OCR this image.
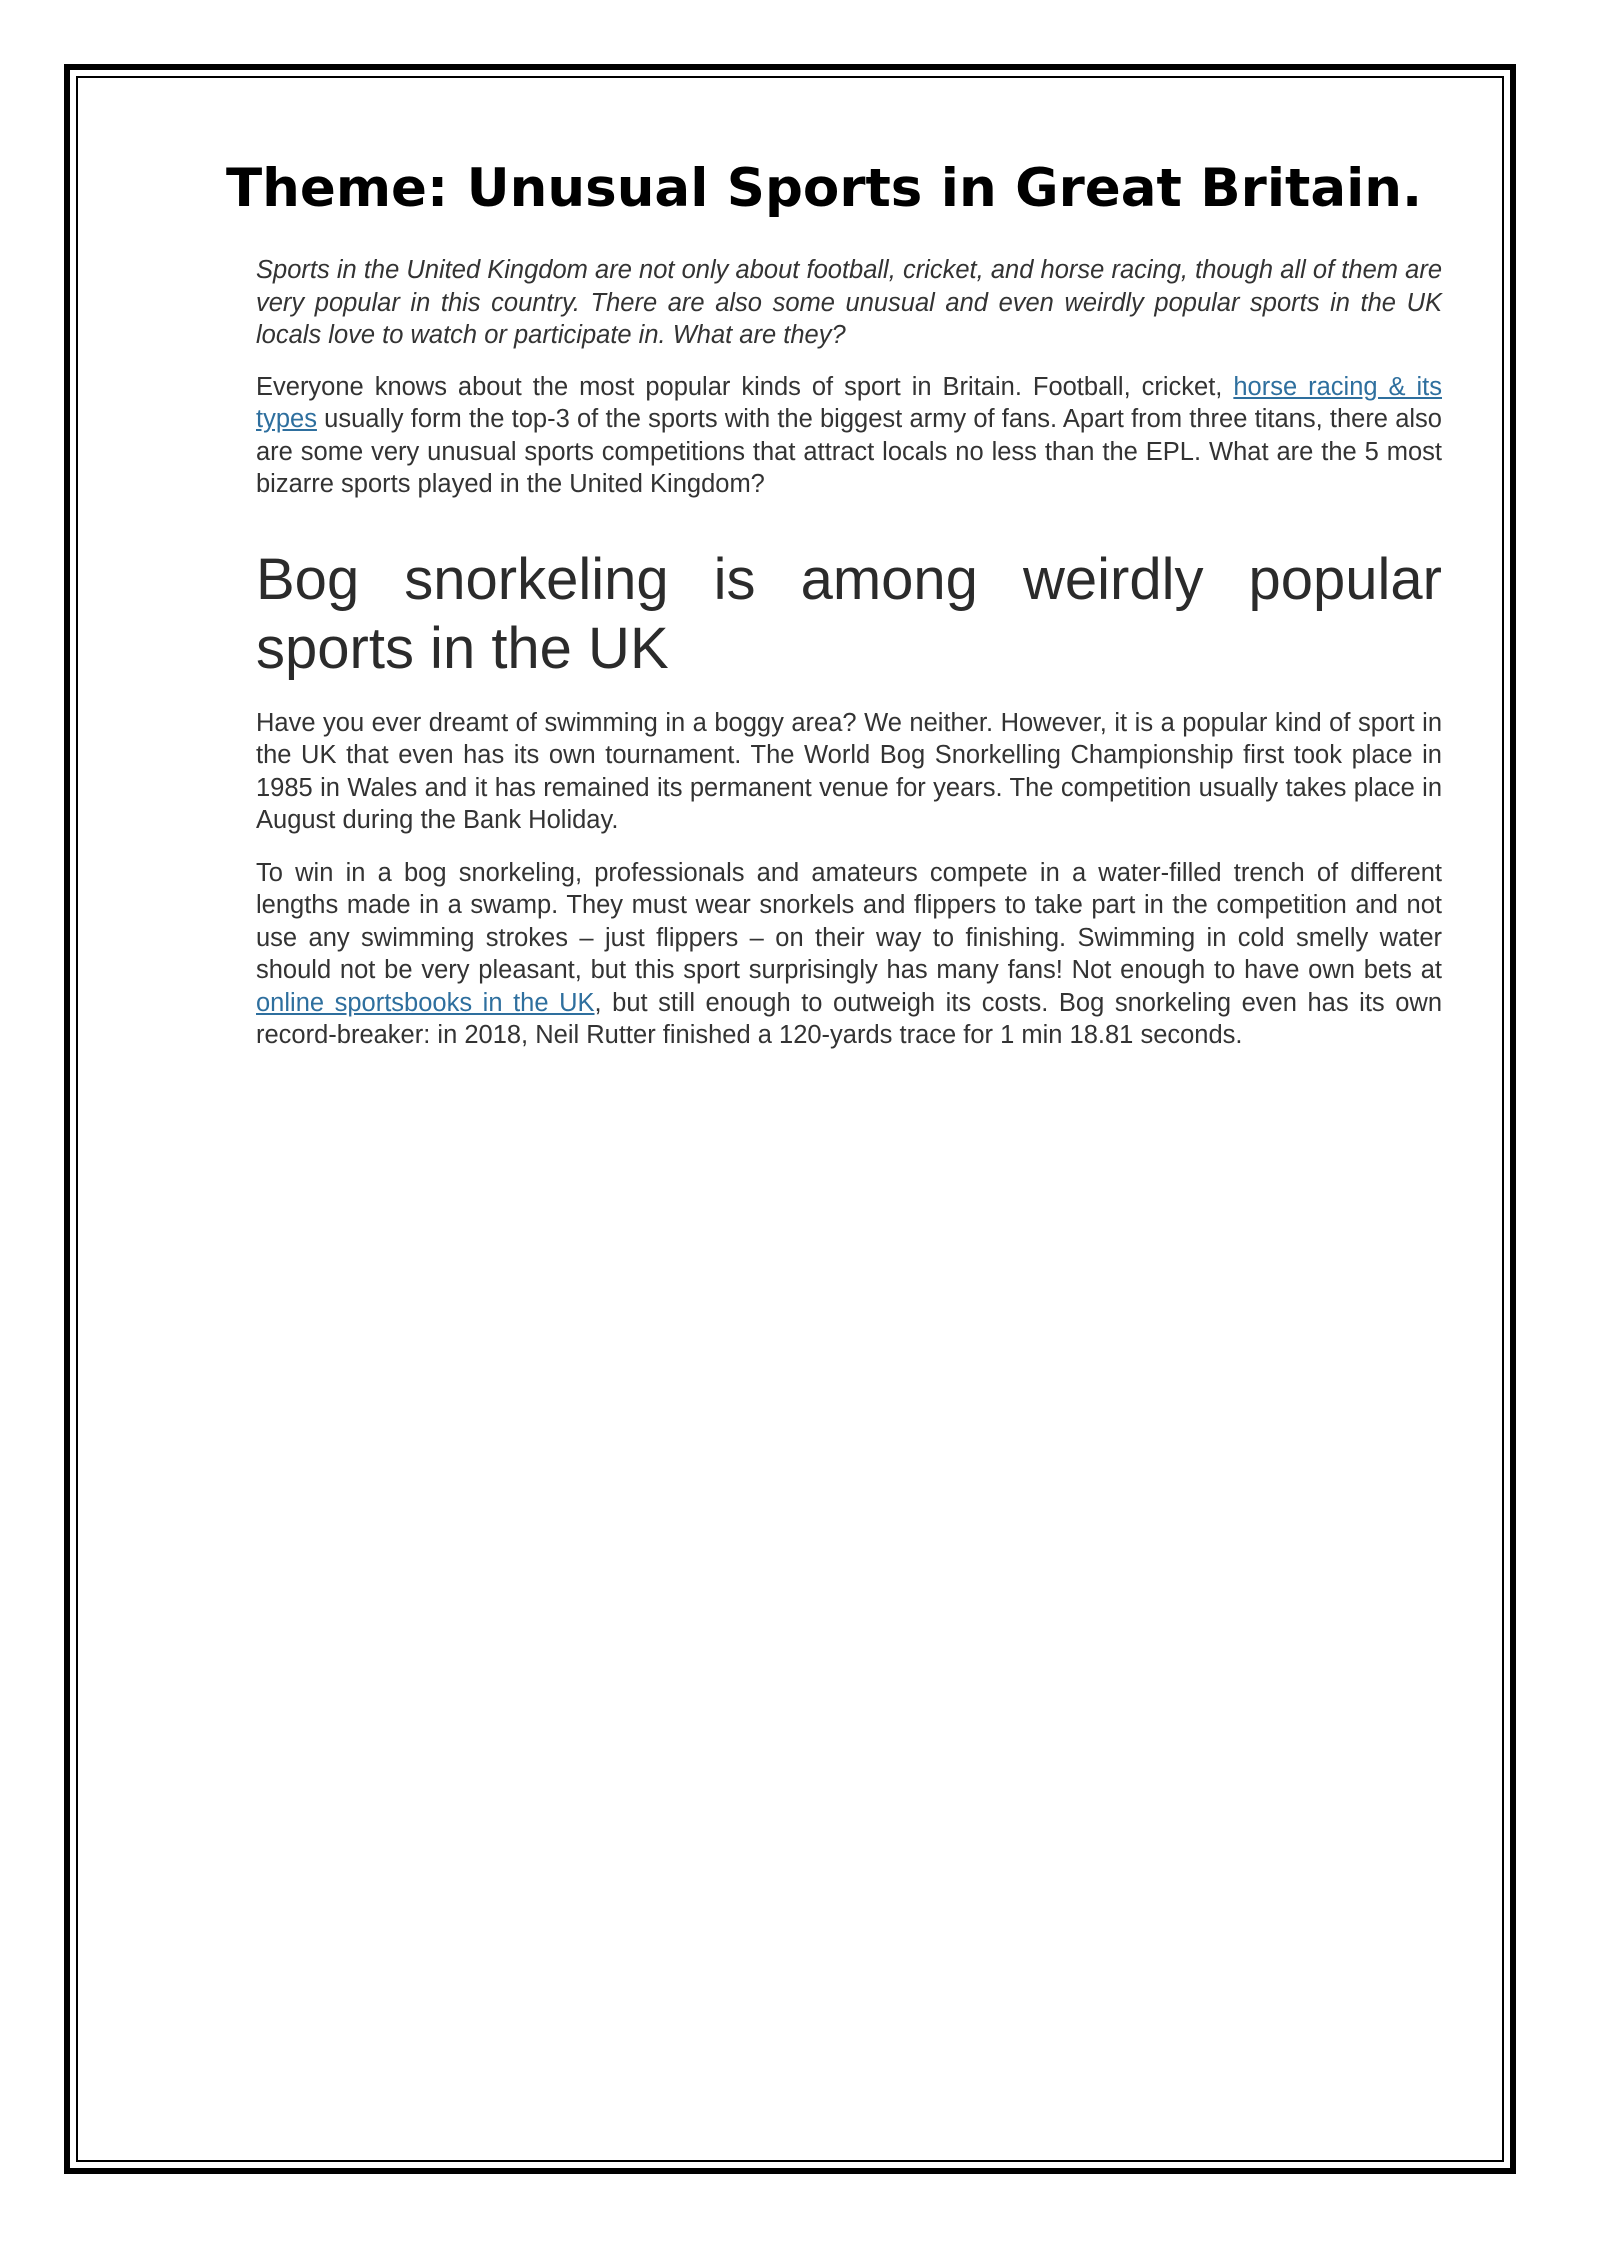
Theme: Unusual Sports in Great Britain.

Sports in the United Kingdom are not only about football, cricket, and horse racing, though all of them are very popular in this country. There are also some unusual and even weirdly popular sports in the UK locals love to watch or participate in. What are they?

Everyone knows about the most popular kinds of sport in Britain. Football, cricket, horse racing & its types usually form the top-3 of the sports with the biggest army of fans. Apart from three titans, there also are some very unusual sports competitions that attract locals no less than the EPL. What are the 5 most bizarre sports played in the United Kingdom?

Bog snorkeling is among weirdly popular sports in the UK

Have you ever dreamt of swimming in a boggy area? We neither. However, it is a popular kind of sport in the UK that even has its own tournament. The World Bog Snorkelling Championship first took place in 1985 in Wales and it has remained its permanent venue for years. The competition usually takes place in August during the Bank Holiday.

To win in a bog snorkeling, professionals and amateurs compete in a water-filled trench of different lengths made in a swamp. They must wear snorkels and flippers to take part in the competition and not use any swimming strokes – just flippers – on their way to finishing. Swimming in cold smelly water should not be very pleasant, but this sport surprisingly has many fans! Not enough to have own bets at online sportsbooks in the UK, but still enough to outweigh its costs. Bog snorkeling even has its own record-breaker: in 2018, Neil Rutter finished a 120-yards trace for 1 min 18.81 seconds.
